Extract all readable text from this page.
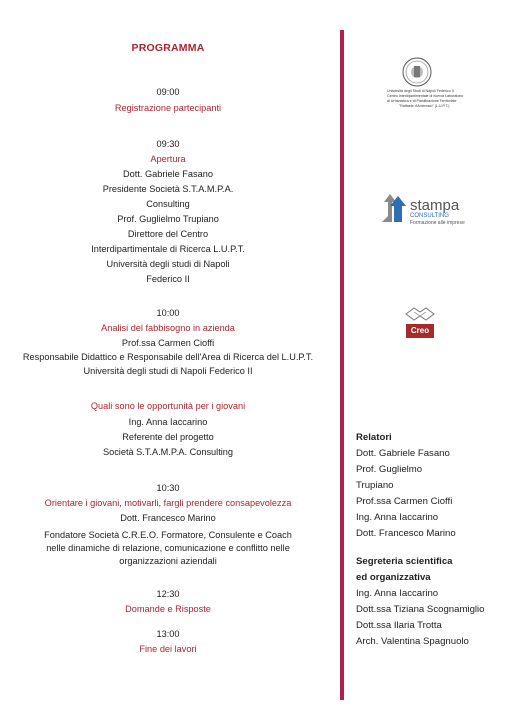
PROGRAMMA
09:00
Registrazione partecipanti
09:30
Apertura
Dott. Gabriele Fasano
Presidente Società S.T.A.M.P.A.
Consulting
Prof. Guglielmo Trupiano
Direttore del Centro
Interdipartimentale di Ricerca L.U.P.T.
Università degli studi di Napoli
Federico II
10:00
Analisi del fabbisogno in azienda
Prof.ssa Carmen Cioffi
Responsabile Didattico e Responsabile dell'Area di Ricerca del L.U.P.T.
Università degli studi di Napoli Federico II
Quali sono le opportunità per i giovani
Ing. Anna Iaccarino
Referente del progetto
Società S.T.A.M.P.A. Consulting
10:30
Orientare i giovani, motivarli, fargli prendere consapevolezza
Dott. Francesco Marino
Fondatore Società C.R.E.O. Formatore, Consulente e Coach
nelle dinamiche di relazione, comunicazione e conflitto nelle
organizzazioni aziendali
12:30
Domande e Risposte
13:00
Fine dei lavori
Università degli Studi di Napoli Federico II
Centro Interdipartimentale di ricerca Laboratorio
di Urbanistica e di Pianificazione Territoriale
"Raffaele d'Ambrosio" (L.U.P.T.)
stampa
CONSULTING
Formazione alle imprese
Creo
Relatori
Dott. Gabriele Fasano
Prof. Guglielmo
Trupiano
Prof.ssa Carmen Cioffi
Ing. Anna Iaccarino
Dott. Francesco Marino
Segreteria scientifica
ed organizzativa
Ing. Anna Iaccarino
Dott.ssa Tiziana Scognamiglio
Dott.ssa Ilaria Trotta
Arch. Valentina Spagnuolo
